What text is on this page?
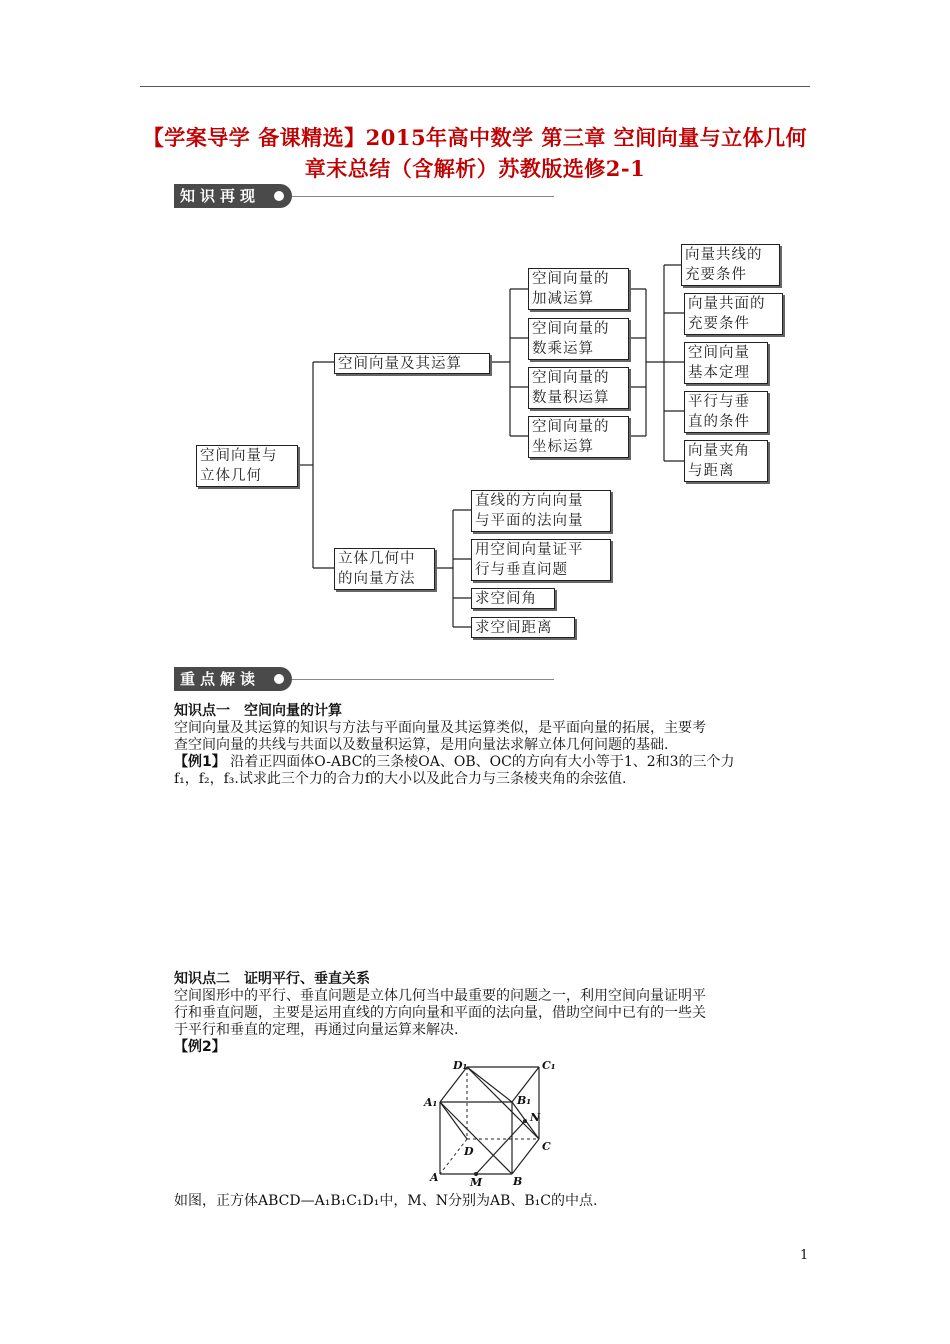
【学案导学 备课精选】2015年高中数学 第三章 空间向量与立体几何
章末总结（含解析）苏教版选修2-1
知识再现
空间向量与
立体几何
空间向量及其运算
空间向量的
加减运算
空间向量的
数乘运算
空间向量的
数量积运算
空间向量的
坐标运算
向量共线的
充要条件
向量共面的
充要条件
空间向量
基本定理
平行与垂
直的条件
向量夹角
与距离
立体几何中
的向量方法
直线的方向向量
与平面的法向量
用空间向量证平
行与垂直问题
求空间角
求空间距离
重点解读
知识点一　空间向量的计算
空间向量及其运算的知识与方法与平面向量及其运算类似，是平面向量的拓展，主要考
查空间向量的共线与共面以及数量积运算，是用向量法求解立体几何问题的基础.
【例1】 沿着正四面体O-ABC的三条棱OA、OB、OC的方向有大小等于1、2和3的三个力
f₁，f₂，f₃.试求此三个力的合力f的大小以及此合力与三条棱夹角的余弦值.
知识点二　证明平行、垂直关系
空间图形中的平行、垂直问题是立体几何当中最重要的问题之一，利用空间向量证明平
行和垂直问题，主要是运用直线的方向向量和平面的法向量，借助空间中已有的一些关
于平行和垂直的定理，再通过向量运算来解决.
【例2】
D₁	C₁
A₁	B₁
N
C
D
A	M	B
如图，正方体ABCD—A₁B₁C₁D₁中，M、N分别为AB、B₁C的中点.
1
